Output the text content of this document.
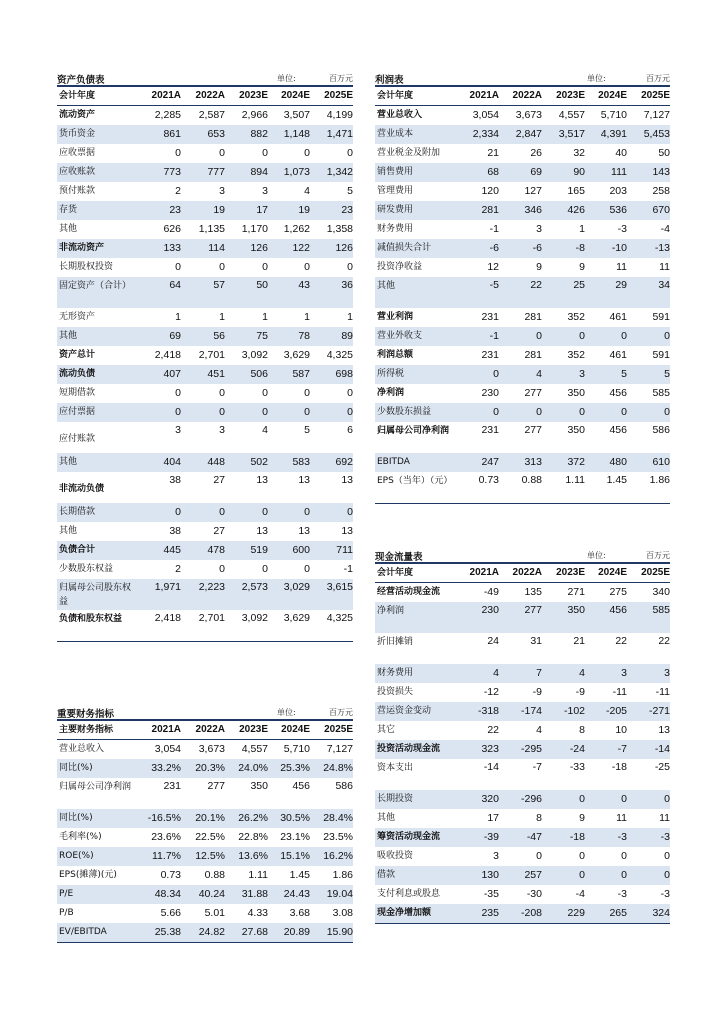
资产负债表	单位:	百万元
会计年度	2021A	2022A	2023E	2024E	2025E
流动资产	2,285	2,587	2,966	3,507	4,199
货币资金	861	653	882	1,148	1,471
应收票据	0	0	0	0	0
应收账款	773	777	894	1,073	1,342
预付账款	2	3	3	4	5
存货	23	19	17	19	23
其他	626	1,135	1,170	1,262	1,358
非流动资产	133	114	126	122	126
长期股权投资	0	0	0	0	0
固定资产（合计）	64	57	50	43	36
无形资产	1	1	1	1	1
其他	69	56	75	78	89
资产总计	2,418	2,701	3,092	3,629	4,325
流动负债	407	451	506	587	698
短期借款	0	0	0	0	0
应付票据	0	0	0	0	0
应付账款	3	3	4	5	6
其他	404	448	502	583	692
非流动负债	38	27	13	13	13
长期借款	0	0	0	0	0
其他	38	27	13	13	13
负债合计	445	478	519	600	711
少数股东权益	2	0	0	0	-1
归属母公司股东权益	1,971	2,223	2,573	3,029	3,615
负债和股东权益	2,418	2,701	3,092	3,629	4,325
利润表	单位:	百万元
会计年度	2021A	2022A	2023E	2024E	2025E
营业总收入	3,054	3,673	4,557	5,710	7,127
营业成本	2,334	2,847	3,517	4,391	5,453
营业税金及附加	21	26	32	40	50
销售费用	68	69	90	111	143
管理费用	120	127	165	203	258
研发费用	281	346	426	536	670
财务费用	-1	3	1	-3	-4
减值损失合计	-6	-6	-8	-10	-13
投资净收益	12	9	9	11	11
其他	-5	22	25	29	34
营业利润	231	281	352	461	591
营业外收支	-1	0	0	0	0
利润总额	231	281	352	461	591
所得税	0	4	3	5	5
净利润	230	277	350	456	585
少数股东损益	0	0	0	0	0
归属母公司净利润	231	277	350	456	586
EBITDA	247	313	372	480	610
EPS（当年）（元）	0.73	0.88	1.11	1.45	1.86
现金流量表	单位:	百万元
会计年度	2021A	2022A	2023E	2024E	2025E
经营活动现金流	-49	135	271	275	340
净利润	230	277	350	456	585
折旧摊销	24	31	21	22	22
财务费用	4	7	4	3	3
投资损失	-12	-9	-9	-11	-11
营运资金变动	-318	-174	-102	-205	-271
其它	22	4	8	10	13
投资活动现金流	323	-295	-24	-7	-14
资本支出	-14	-7	-33	-18	-25
长期投资	320	-296	0	0	0
其他	17	8	9	11	11
筹资活动现金流	-39	-47	-18	-3	-3
吸收投资	3	0	0	0	0
借款	130	257	0	0	0
支付利息或股息	-35	-30	-4	-3	-3
现金净增加额	235	-208	229	265	324
重要财务指标	单位:	百万元
主要财务指标	2021A	2022A	2023E	2024E	2025E
营业总收入	3,054	3,673	4,557	5,710	7,127
同比(%)	33.2%	20.3%	24.0%	25.3%	24.8%
归属母公司净利润	231	277	350	456	586
同比(%)	-16.5%	20.1%	26.2%	30.5%	28.4%
毛利率(%)	23.6%	22.5%	22.8%	23.1%	23.5%
ROE(%)	11.7%	12.5%	13.6%	15.1%	16.2%
EPS(摊薄)(元)	0.73	0.88	1.11	1.45	1.86
P/E	48.34	40.24	31.88	24.43	19.04
P/B	5.66	5.01	4.33	3.68	3.08
EV/EBITDA	25.38	24.82	27.68	20.89	15.90
